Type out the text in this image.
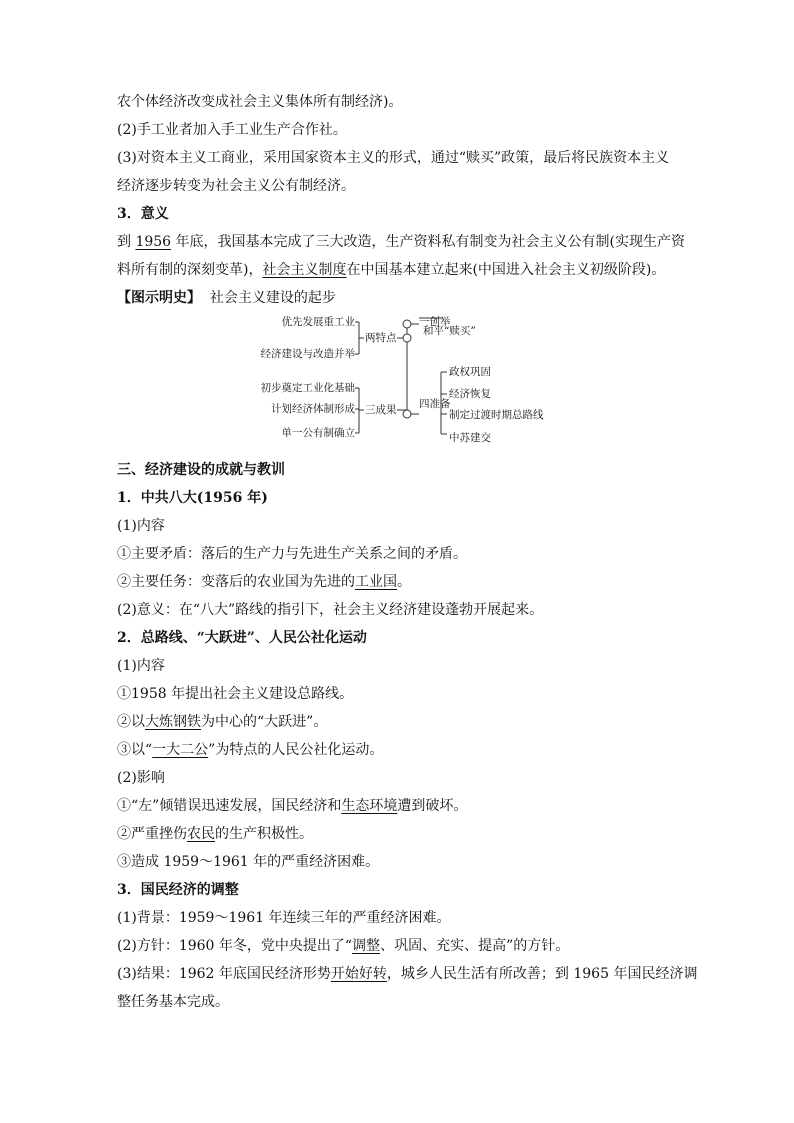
农个体经济改变成社会主义集体所有制经济)。
(2)手工业者加入手工业生产合作社。
(3)对资本主义工商业，采用国家资本主义的形式，通过“赎买”政策，最后将民族资本主义
经济逐步转变为社会主义公有制经济。
3．意义
到 1956 年底，我国基本完成了三大改造，生产资料私有制变为社会主义公有制(实现生产资
料所有制的深刻变革)，社会主义制度在中国基本建立起来(中国进入社会主义初级阶段)。
【图示明史】 社会主义建设的起步
优先发展重工业
经济建设与改造并举
两特点
初步奠定工业化基础
计划经济体制形成
单一公有制确立
三成果
一创举
和平“赎买”
四准备
政权巩固
经济恢复
制定过渡时期总路线
中苏建交
三、经济建设的成就与教训
1．中共八大(1956 年)
(1)内容
①主要矛盾：落后的生产力与先进生产关系之间的矛盾。
②主要任务：变落后的农业国为先进的工业国。
(2)意义：在“八大”路线的指引下，社会主义经济建设蓬勃开展起来。
2．总路线、“大跃进”、人民公社化运动
(1)内容
①1958 年提出社会主义建设总路线。
②以大炼钢铁为中心的“大跃进”。
③以“一大二公”为特点的人民公社化运动。
(2)影响
①“左”倾错误迅速发展，国民经济和生态环境遭到破坏。
②严重挫伤农民的生产积极性。
③造成 1959～1961 年的严重经济困难。
3．国民经济的调整
(1)背景：1959～1961 年连续三年的严重经济困难。
(2)方针：1960 年冬，党中央提出了“调整、巩固、充实、提高”的方针。
(3)结果：1962 年底国民经济形势开始好转，城乡人民生活有所改善；到 1965 年国民经济调
整任务基本完成。
